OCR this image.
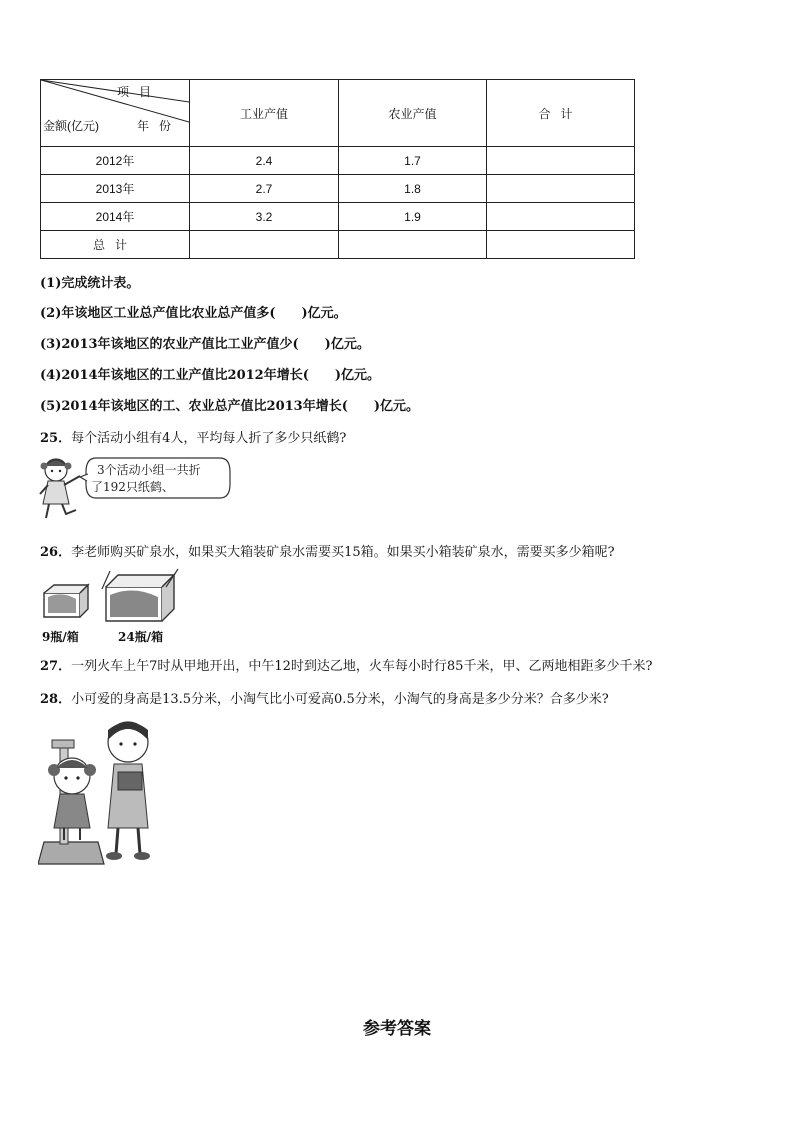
项目
金额(亿元) 年份	工业产值	农业产值	合计
2012年	2.4	1.7	
2013年	2.7	1.8	
2014年	3.2	1.9	
总计			
(1)完成统计表。
(2)年该地区工业总产值比农业总产值多(　　)亿元。
(3)2013年该地区的农业产值比工业产值少(　　)亿元。
(4)2014年该地区的工业产值比2012年增长(　　)亿元。
(5)2014年该地区的工、农业总产值比2013年增长(　　)亿元。
25．每个活动小组有4人，平均每人折了多少只纸鹤?
3个活动小组一共折
了192只纸鹤、
26．李老师购买矿泉水，如果买大箱装矿泉水需要买15箱。如果买小箱装矿泉水，需要买多少箱呢?
9瓶/箱	24瓶/箱
27．一列火车上午7时从甲地开出，中午12时到达乙地，火车每小时行85千米，甲、乙两地相距多少千米?
28．小可爱的身高是13.5分米，小淘气比小可爱高0.5分米，小淘气的身高是多少分米？合多少米?
参考答案
